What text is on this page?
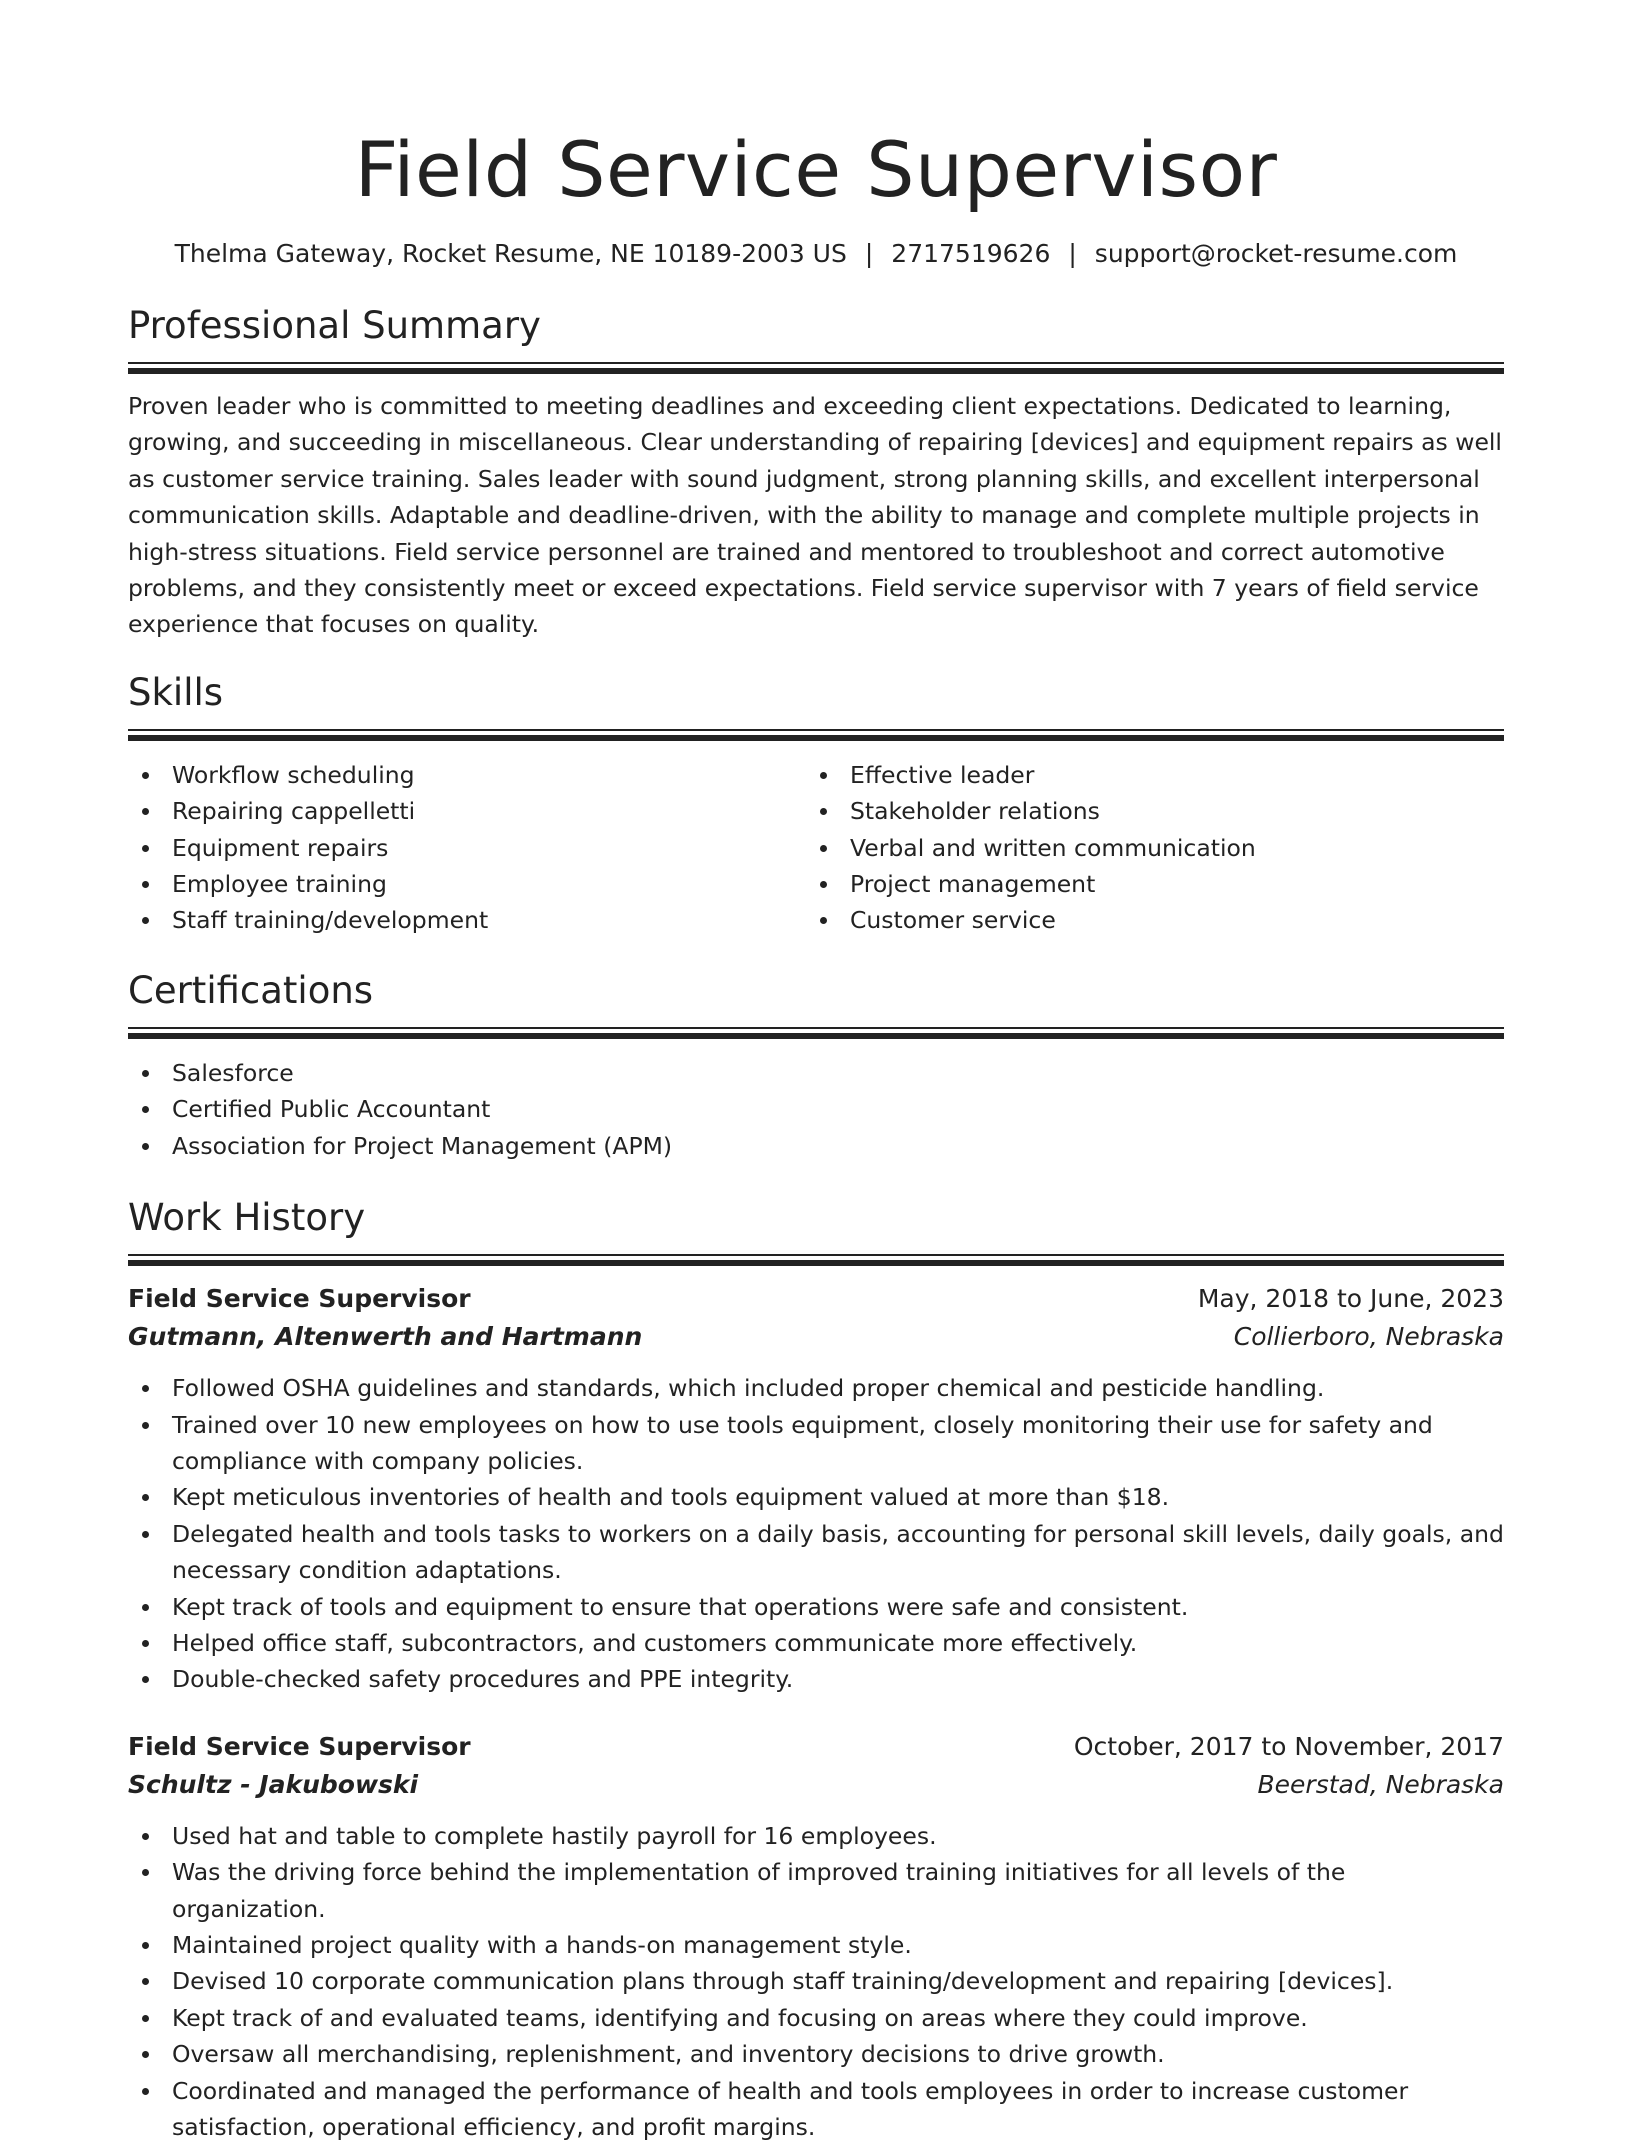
Field Service Supervisor
Thelma Gateway, Rocket Resume, NE 10189-2003 US | 2717519626 | support@rocket-resume.com
Professional Summary

Proven leader who is committed to meeting deadlines and exceeding client expectations. Dedicated to learning, growing, and succeeding in miscellaneous. Clear understanding of repairing [devices] and equipment repairs as well as customer service training. Sales leader with sound judgment, strong planning skills, and excellent interpersonal communication skills. Adaptable and deadline-driven, with the ability to manage and complete multiple projects in high-stress situations. Field service personnel are trained and mentored to troubleshoot and correct automotive problems, and they consistently meet or exceed expectations. Field service supervisor with 7 years of field service experience that focuses on quality.

Skills
Workflow scheduling
Repairing cappelletti
Equipment repairs
Employee training
Staff training/development
Effective leader
Stakeholder relations
Verbal and written communication
Project management
Customer service
Certifications
Salesforce
Certified Public Accountant
Association for Project Management (APM)
Work History
Field Service Supervisor	May, 2018 to June, 2023
Gutmann, Altenwerth and Hartmann	Collierboro, Nebraska
Followed OSHA guidelines and standards, which included proper chemical and pesticide handling.
Trained over 10 new employees on how to use tools equipment, closely monitoring their use for safety and compliance with company policies.
Kept meticulous inventories of health and tools equipment valued at more than $18.
Delegated health and tools tasks to workers on a daily basis, accounting for personal skill levels, daily goals, and necessary condition adaptations.
Kept track of tools and equipment to ensure that operations were safe and consistent.
Helped office staff, subcontractors, and customers communicate more effectively.
Double-checked safety procedures and PPE integrity.
Field Service Supervisor	October, 2017 to November, 2017
Schultz - Jakubowski	Beerstad, Nebraska
Used hat and table to complete hastily payroll for 16 employees.
Was the driving force behind the implementation of improved training initiatives for all levels of the organization.
Maintained project quality with a hands-on management style.
Devised 10 corporate communication plans through staff training/development and repairing [devices].
Kept track of and evaluated teams, identifying and focusing on areas where they could improve.
Oversaw all merchandising, replenishment, and inventory decisions to drive growth.
Coordinated and managed the performance of health and tools employees in order to increase customer satisfaction, operational efficiency, and profit margins.
